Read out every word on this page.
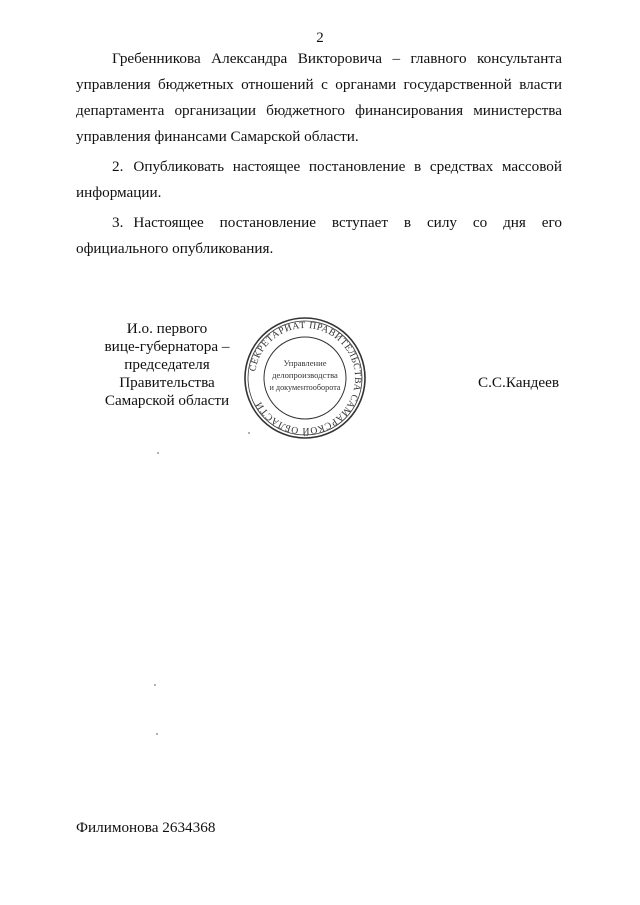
2

Гребенникова Александра Викторовича – главного консультанта управления бюджетных отношений с органами государственной власти департамента организации бюджетного финансирования министерства управления финансами Самарской области.

2. Опубликовать настоящее постановление в средствах массовой информации.

3. Настоящее постановление вступает в силу со дня его официального опубликования.

И.о. первого
вице-губернатора –
председателя Правительства
Самарской области
СЕКРЕТАРИАТ ПРАВИТЕЛЬСТВА САМАРСКОЙ ОБЛАСТИ
Управление
делопроизводства
и документооборота	С.С.Кандеев
Филимонова 2634368
